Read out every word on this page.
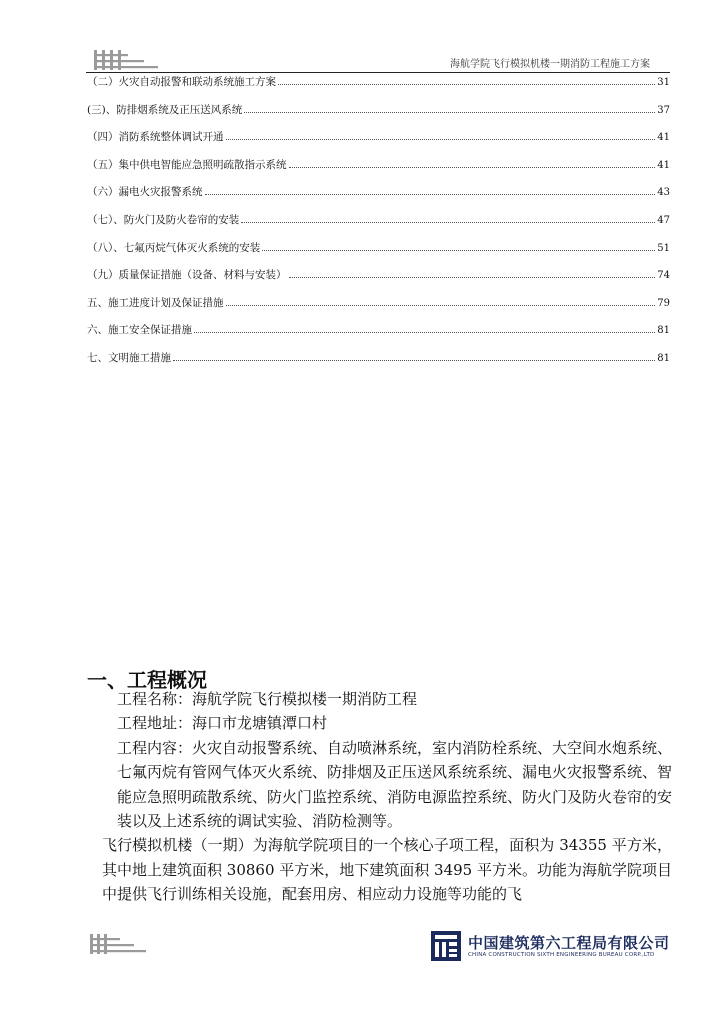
海航学院飞行模拟机楼一期消防工程施工方案
（二）火灾自动报警和联动系统施工方案	31
(三)、防排烟系统及正压送风系统	37
（四）消防系统整体调试开通	41
（五）集中供电智能应急照明疏散指示系统	41
（六）漏电火灾报警系统	43
（七）、防火门及防火卷帘的安装	47
（八）、七氟丙烷气体灭火系统的安装	51
（九）质量保证措施（设备、材料与安装）	74
五、施工进度计划及保证措施	79
六、施工安全保证措施	81
七、文明施工措施	81
一、工程概况

工程名称：海航学院飞行模拟楼一期消防工程

工程地址：海口市龙塘镇潭口村

工程内容：火灾自动报警系统、自动喷淋系统，室内消防栓系统、大空间水炮系统、七氟丙烷有管网气体灭火系统、防排烟及正压送风系统系统、漏电火灾报警系统、智能应急照明疏散系统、防火门监控系统、消防电源监控系统、防火门及防火卷帘的安装以及上述系统的调试实验、消防检测等。

飞行模拟机楼（一期）为海航学院项目的一个核心子项工程，面积为 34355 平方米，其中地上建筑面积 30860 平方米，地下建筑面积 3495 平方米。功能为海航学院项目中提供飞行训练相关设施，配套用房、相应动力设施等功能的飞

中国建筑第六工程局有限公司
CHINA CONSTRUCTION SIXTH ENGINEERING BUREAU CORP.,LTD
